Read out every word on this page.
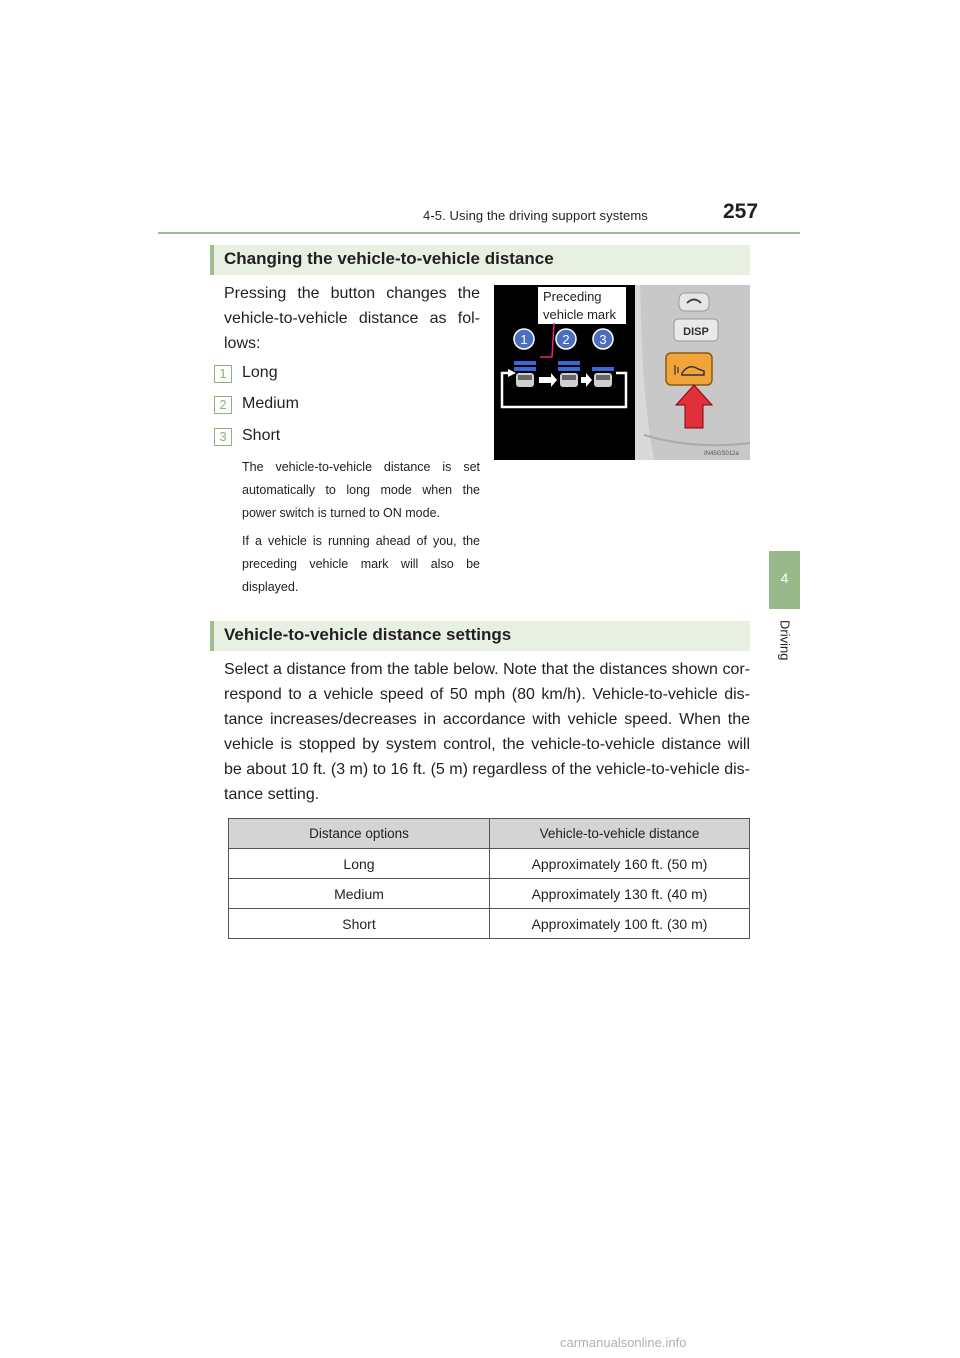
4-5. Using the driving support systems	257
4
Driving
Changing the vehicle-to-vehicle distance
Pressing the button changes the
vehicle-to-vehicle distance as fol-
lows:
1 Long
2 Medium
3 Short
The vehicle-to-vehicle distance is set
automatically to long mode when the
power switch is turned to ON mode.
If a vehicle is running ahead of you, the
preceding vehicle mark will also be
displayed.
DISP
IN45GS012a
Preceding
vehicle mark
1	2 3
Vehicle-to-vehicle distance settings
Select a distance from the table below. Note that the distances shown cor-
respond to a vehicle speed of 50 mph (80 km/h). Vehicle-to-vehicle dis-
tance increases/decreases in accordance with vehicle speed. When the
vehicle is stopped by system control, the vehicle-to-vehicle distance will
be about 10 ft. (3 m) to 16 ft. (5 m) regardless of the vehicle-to-vehicle dis-
tance setting.
Distance options	Vehicle-to-vehicle distance
Long	Approximately 160 ft. (50 m)
Medium	Approximately 130 ft. (40 m)
Short	Approximately 100 ft. (30 m)
carmanualsonline.info
